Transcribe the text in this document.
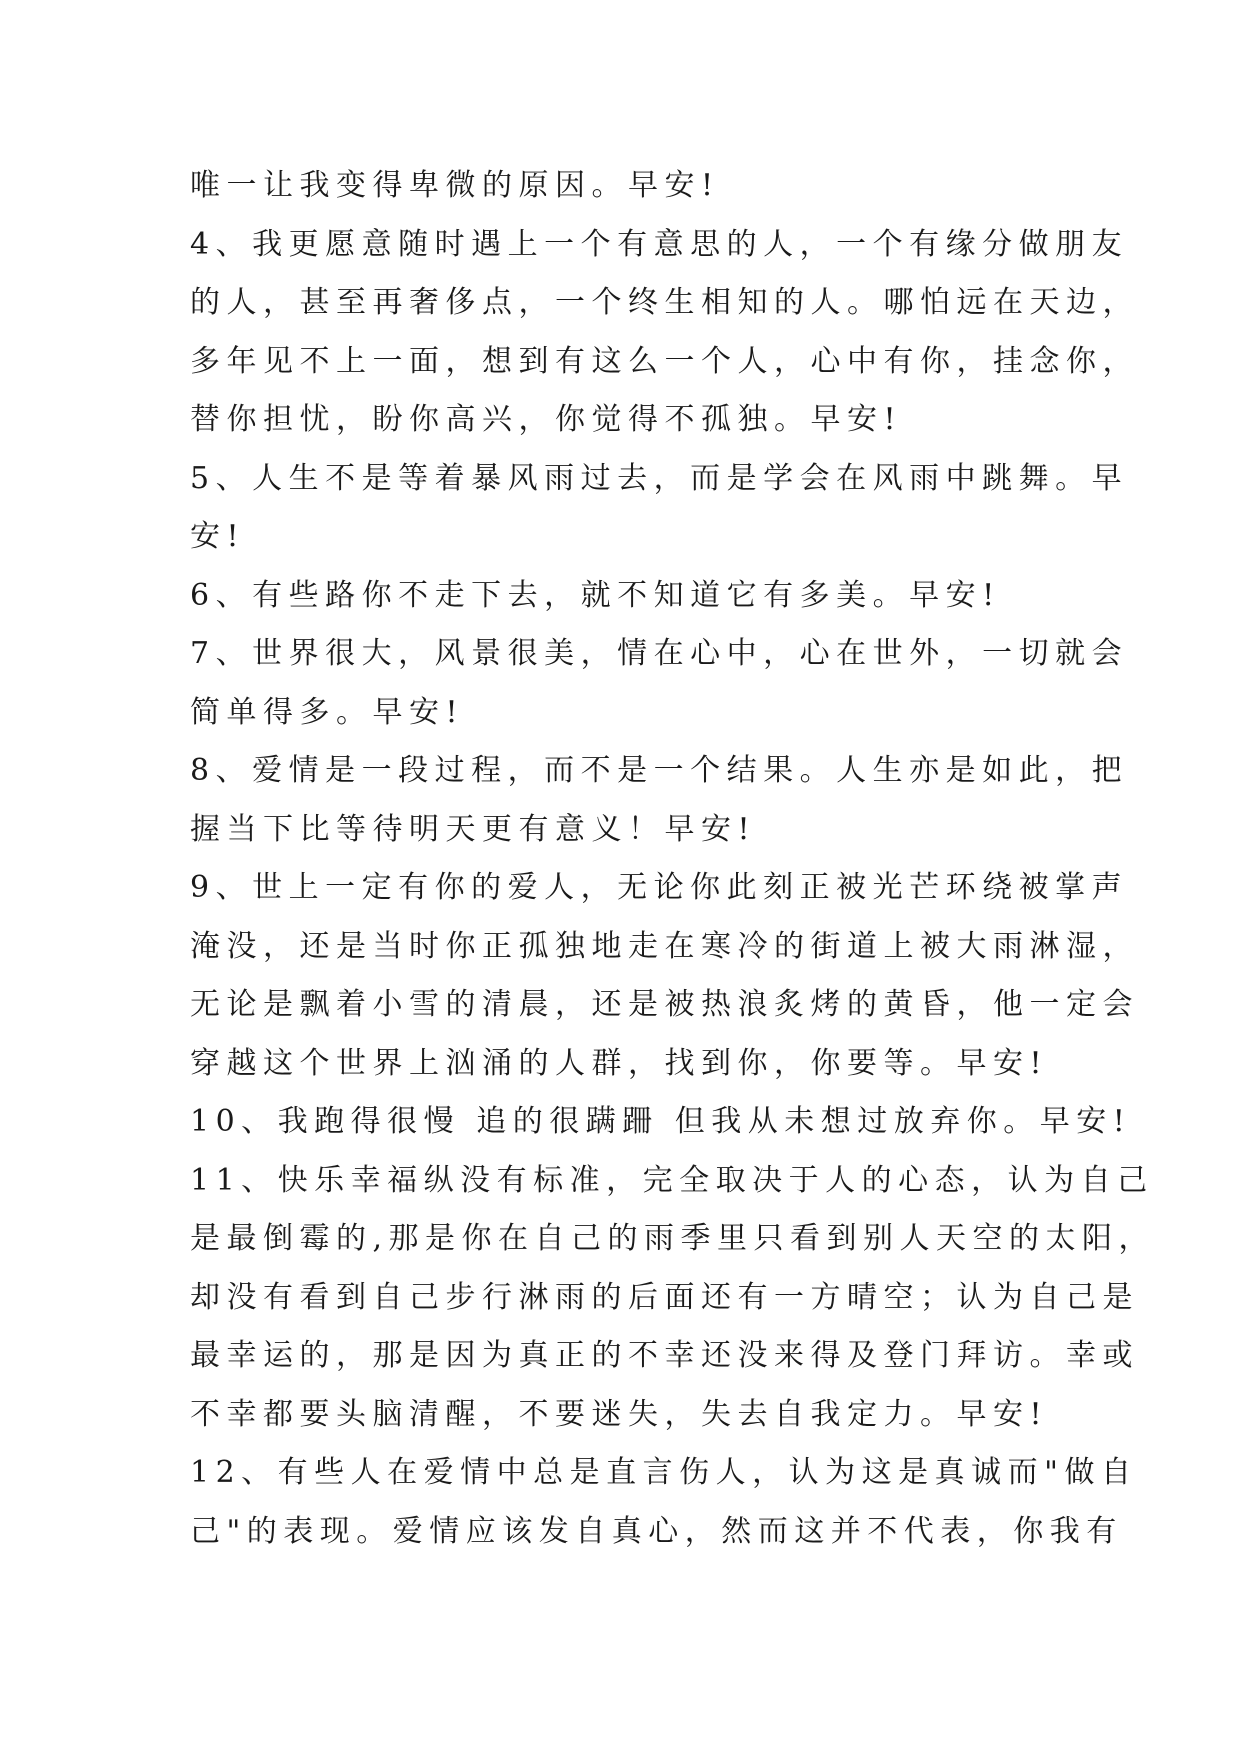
唯一让我变得卑微的原因。早安!
4、我更愿意随时遇上一个有意思的人，一个有缘分做朋友
的人，甚至再奢侈点，一个终生相知的人。哪怕远在天边，
多年见不上一面，想到有这么一个人，心中有你，挂念你，
替你担忧，盼你高兴，你觉得不孤独。早安!
5、人生不是等着暴风雨过去，而是学会在风雨中跳舞。早
安!
6、有些路你不走下去，就不知道它有多美。早安!
7、世界很大，风景很美，情在心中，心在世外，一切就会
简单得多。早安!
8、爱情是一段过程，而不是一个结果。人生亦是如此，把
握当下比等待明天更有意义！早安!
9、世上一定有你的爱人，无论你此刻正被光芒环绕被掌声
淹没，还是当时你正孤独地走在寒冷的街道上被大雨淋湿，
无论是飘着小雪的清晨，还是被热浪炙烤的黄昏，他一定会
穿越这个世界上汹涌的人群，找到你，你要等。早安!
10、我跑得很慢 追的很蹒跚 但我从未想过放弃你。早安!
11、快乐幸福纵没有标准，完全取决于人的心态，认为自己
是最倒霉的,那是你在自己的雨季里只看到别人天空的太阳，
却没有看到自己步行淋雨的后面还有一方晴空；认为自己是
最幸运的，那是因为真正的不幸还没来得及登门拜访。幸或
不幸都要头脑清醒，不要迷失，失去自我定力。早安!
12、有些人在爱情中总是直言伤人，认为这是真诚而"做自
己"的表现。爱情应该发自真心，然而这并不代表，你我有
